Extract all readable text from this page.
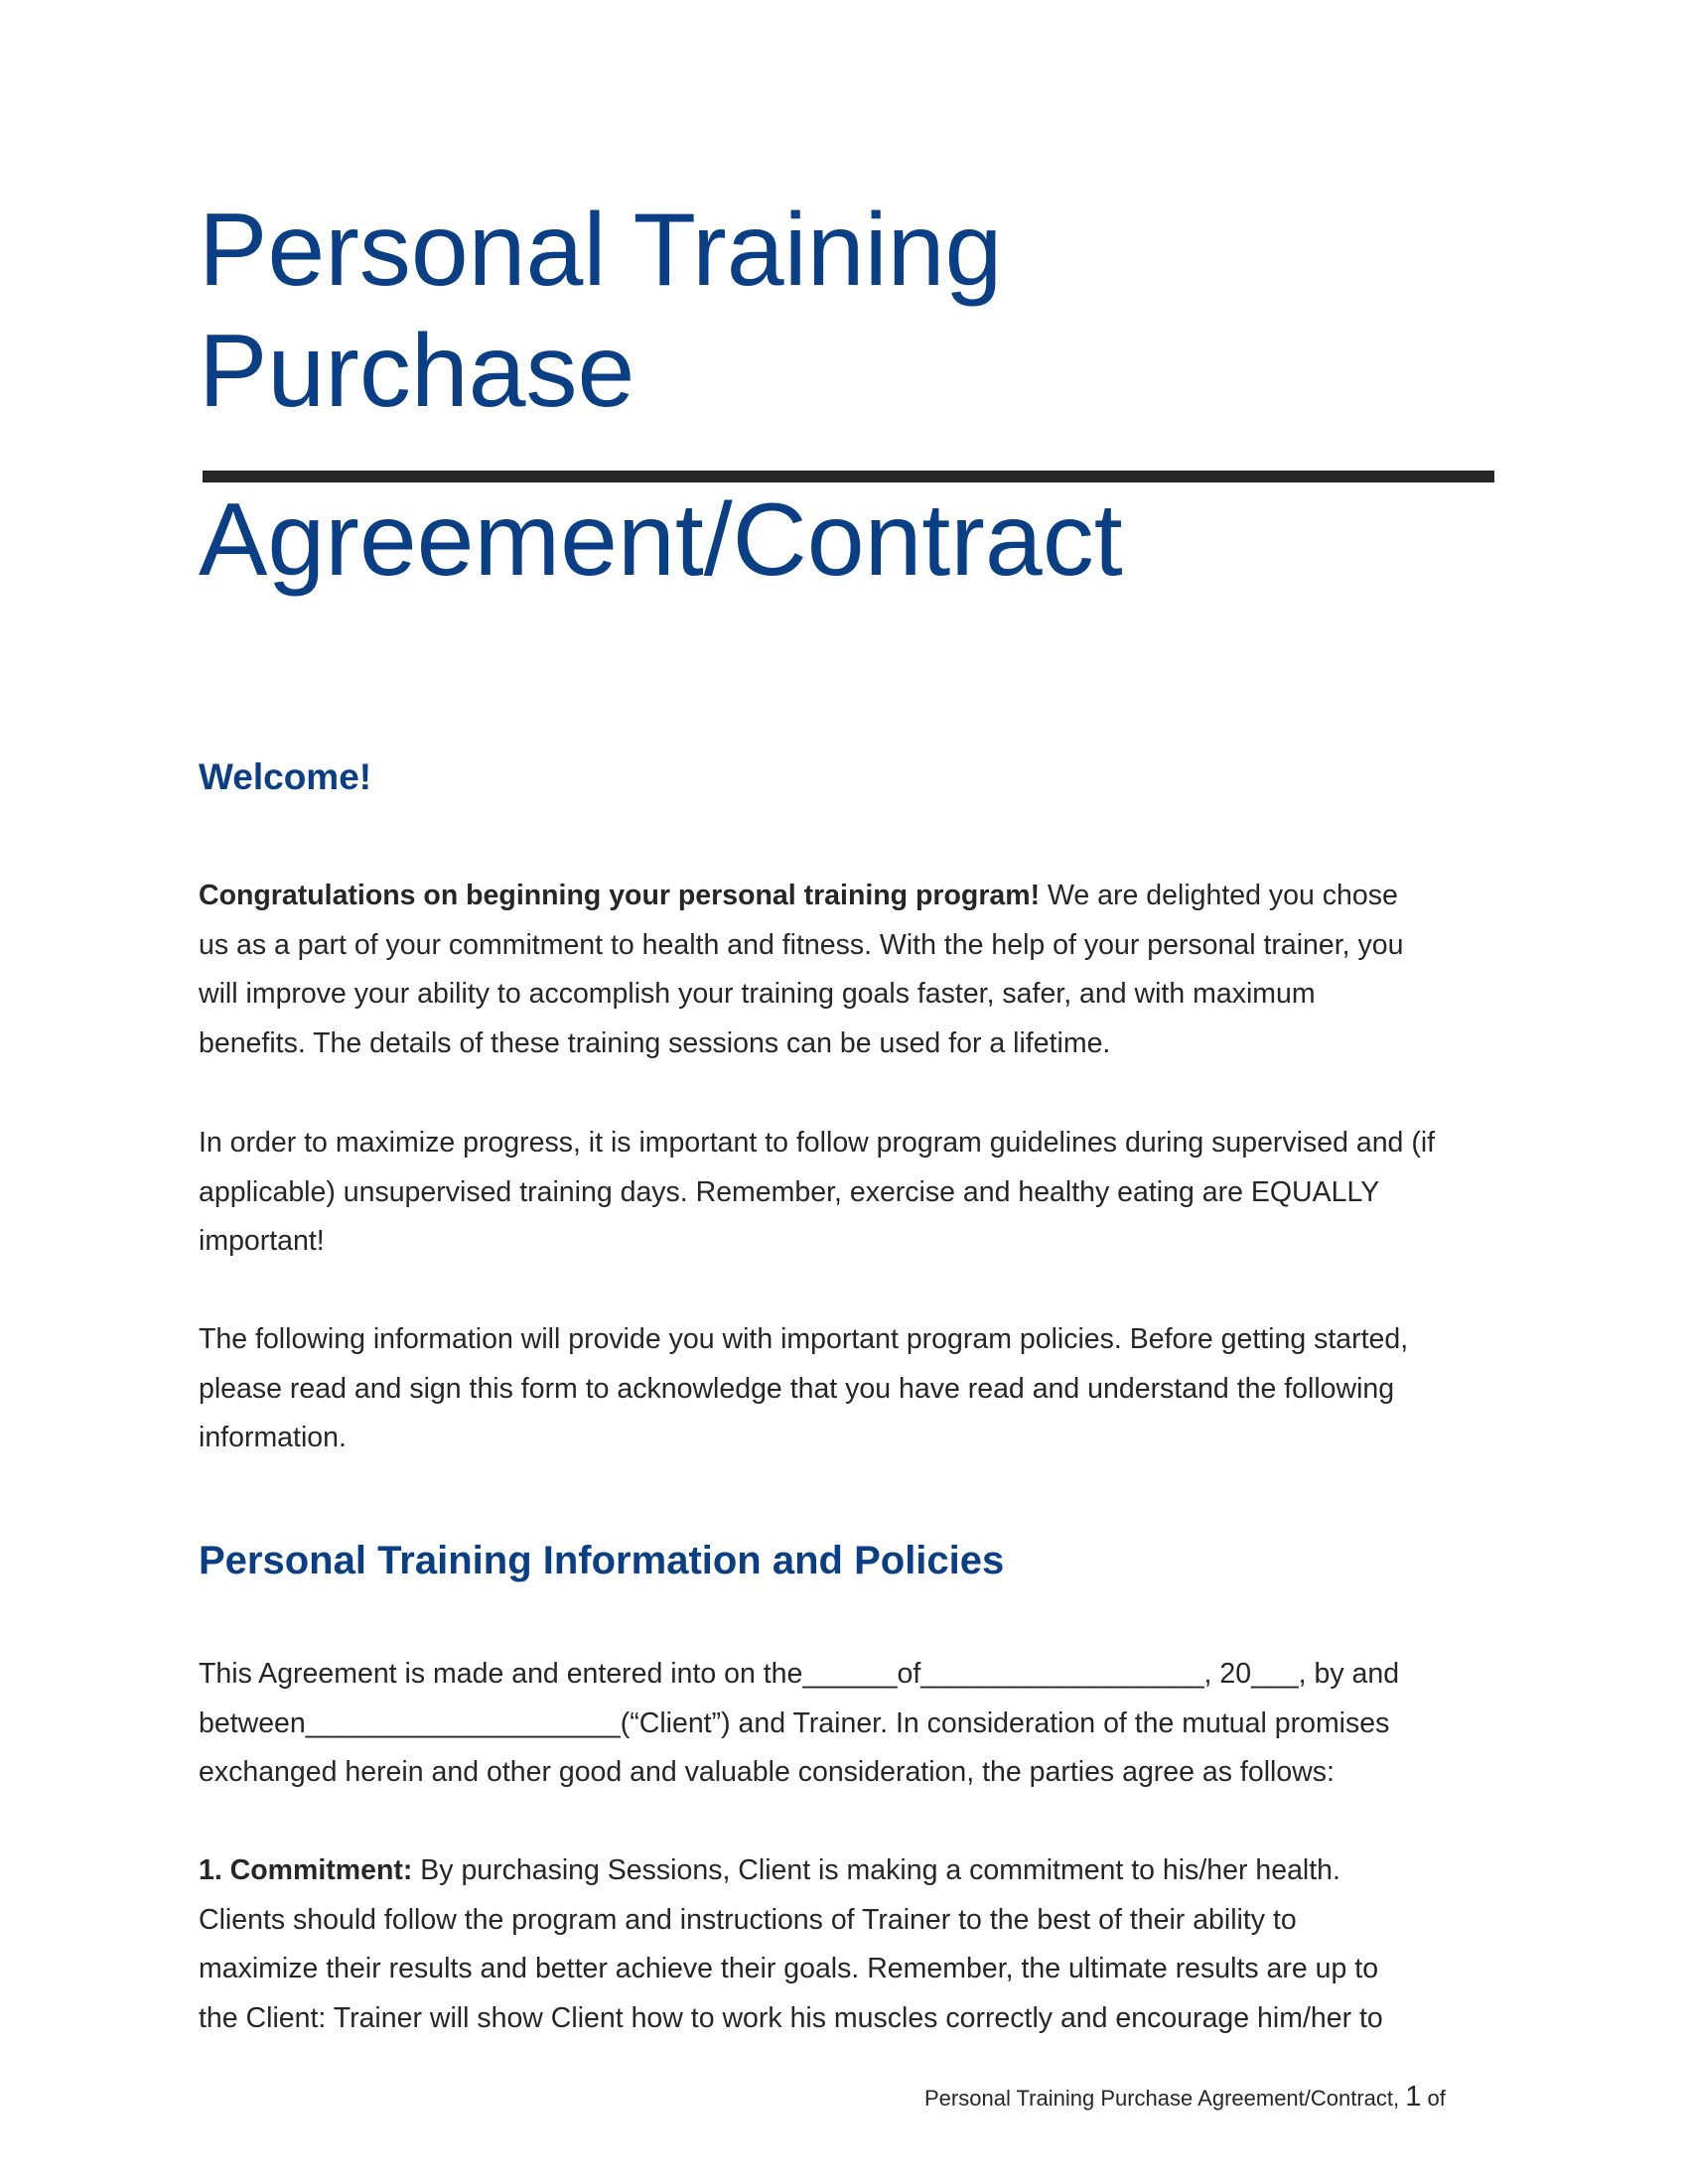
Personal Training
Purchase
Agreement/Contract
Welcome!

Congratulations on beginning your personal training program! We are delighted you chose
us as a part of your commitment to health and fitness. With the help of your personal trainer, you
will improve your ability to accomplish your training goals faster, safer, and with maximum
benefits. The details of these training sessions can be used for a lifetime.

In order to maximize progress, it is important to follow program guidelines during supervised and (if
applicable) unsupervised training days. Remember, exercise and healthy eating are EQUALLY
important!

The following information will provide you with important program policies. Before getting started,
please read and sign this form to acknowledge that you have read and understand the following
information.

Personal Training Information and Policies

This Agreement is made and entered into on the______of__________________, 20___, by and
between____________________(“Client”) and Trainer. In consideration of the mutual promises
exchanged herein and other good and valuable consideration, the parties agree as follows:

1. Commitment: By purchasing Sessions, Client is making a commitment to his/her health.
Clients should follow the program and instructions of Trainer to the best of their ability to
maximize their results and better achieve their goals. Remember, the ultimate results are up to
the Client: Trainer will show Client how to work his muscles correctly and encourage him/her to

Personal Training Purchase Agreement/Contract, 1 of
